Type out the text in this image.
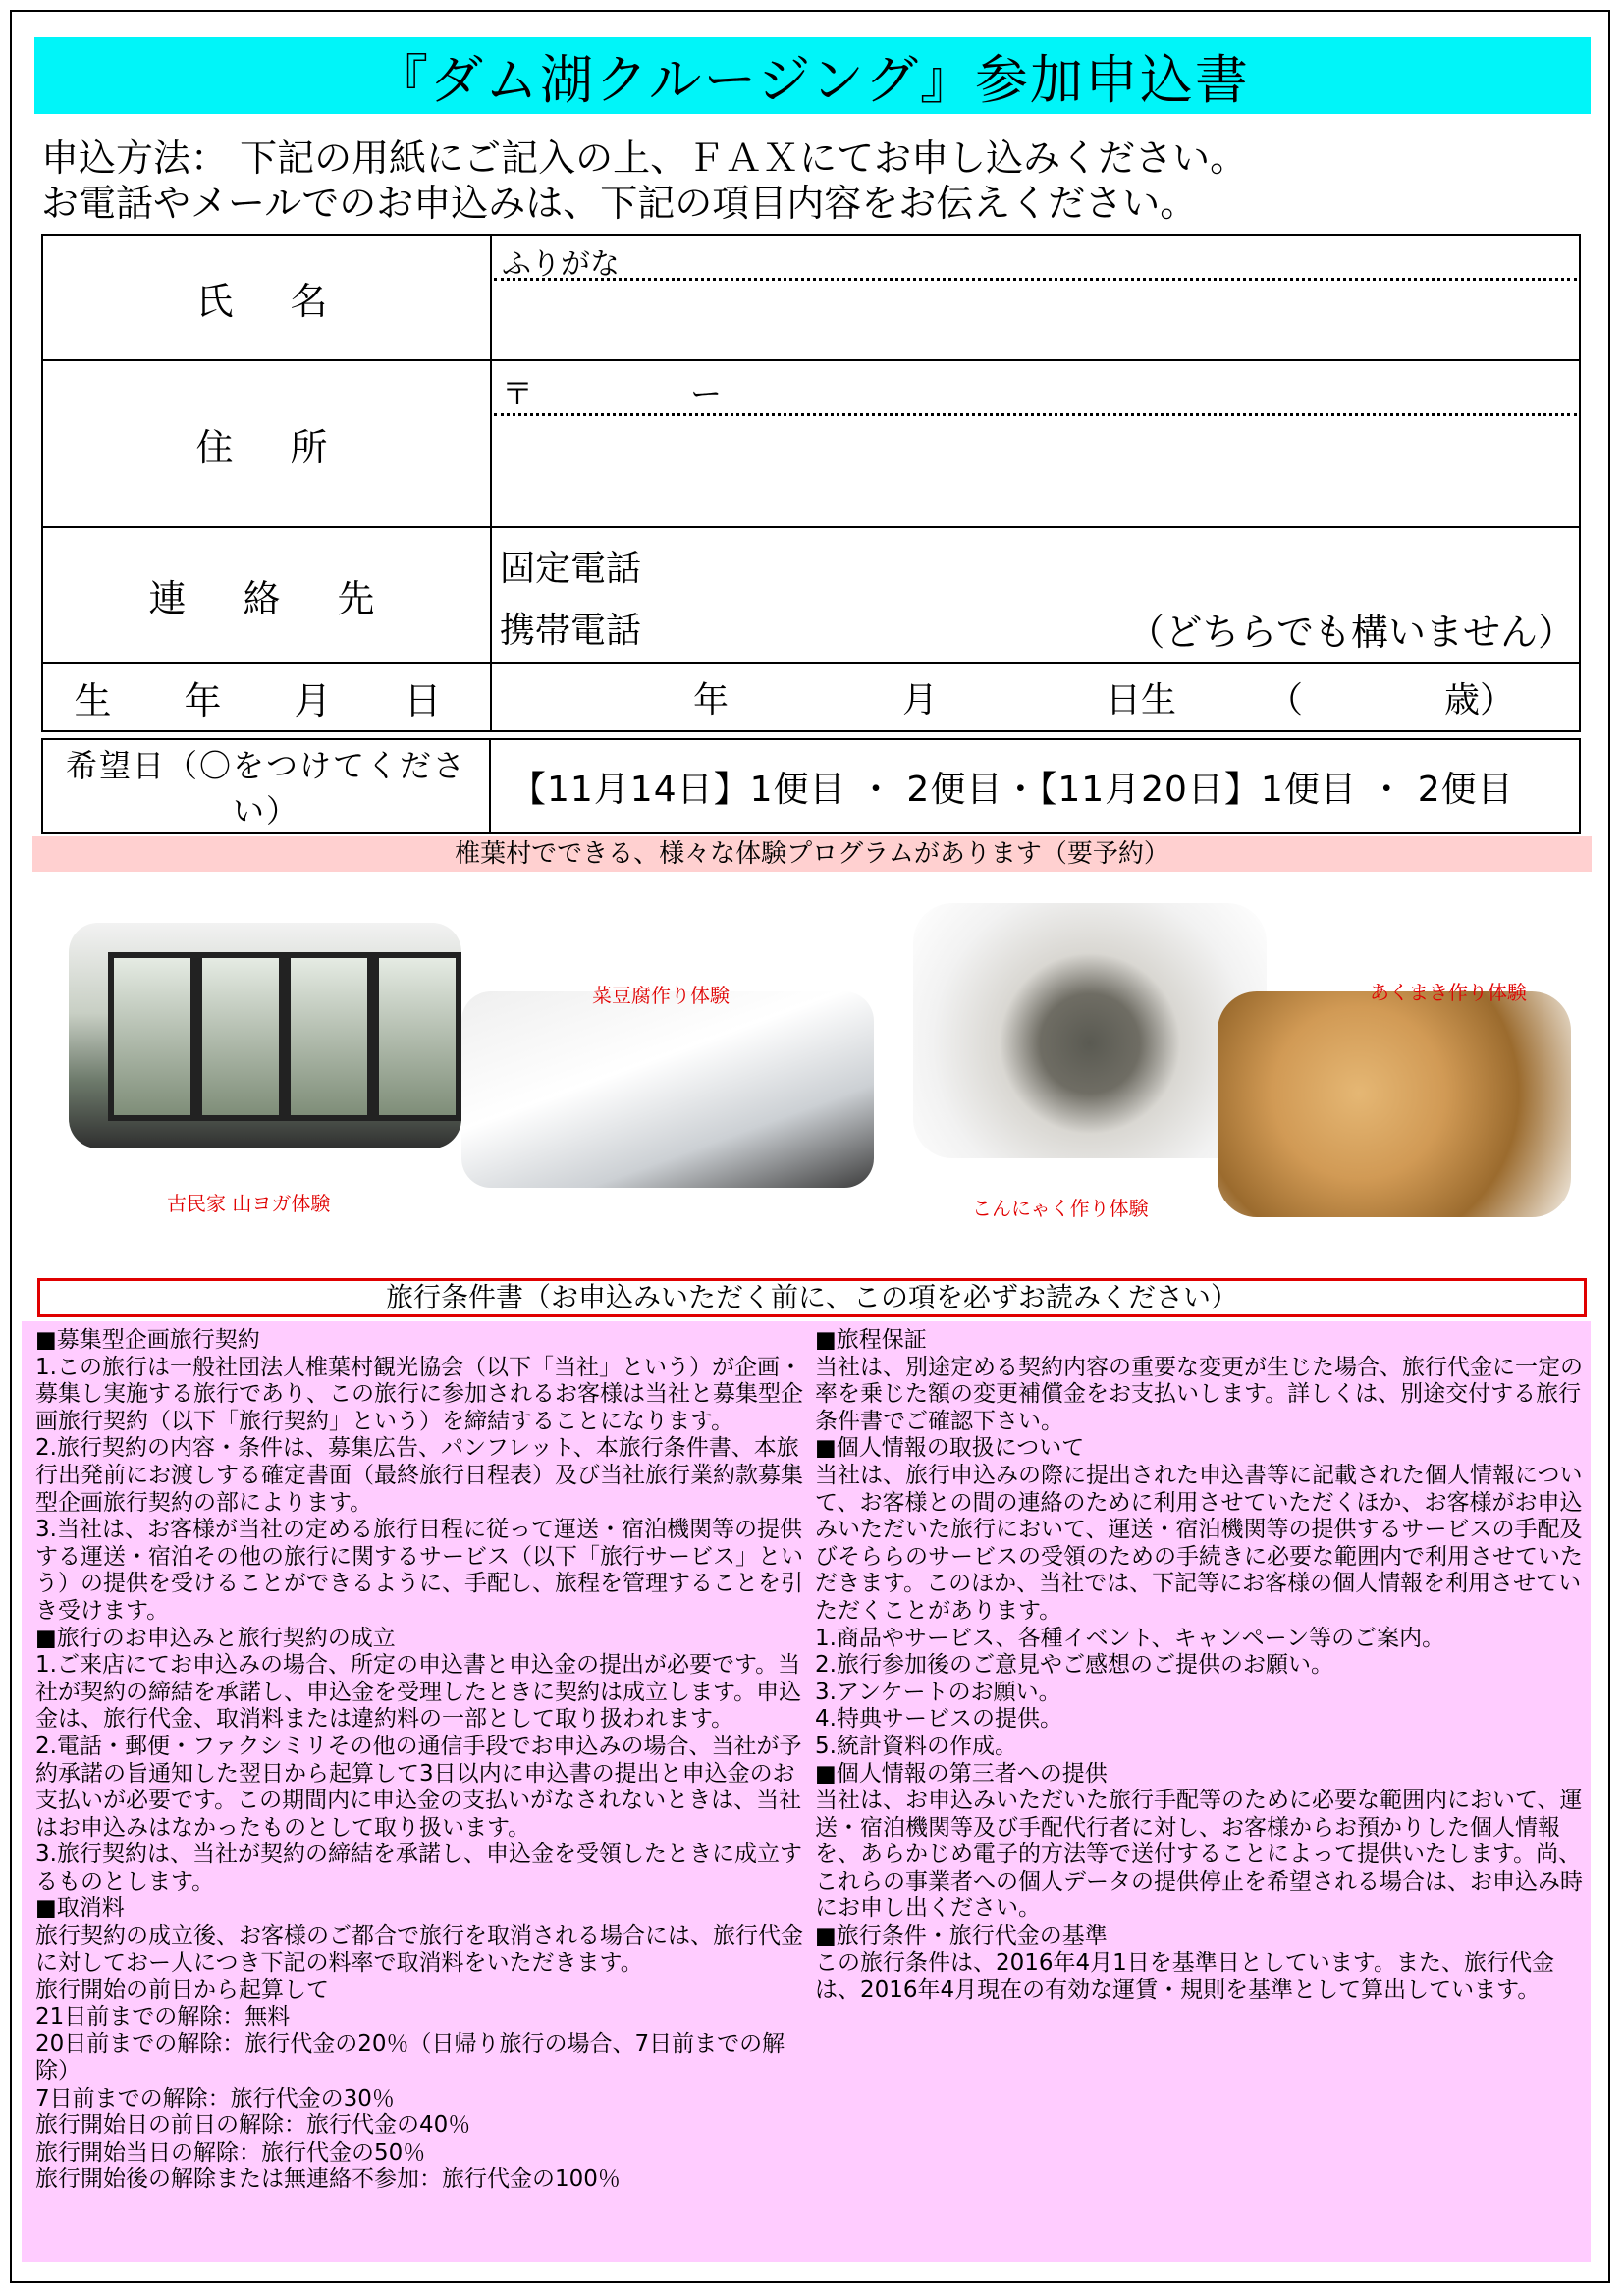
『ダム湖クルージング』参加申込書
申込方法： 下記の用紙にご記入の上、ＦＡＸにてお申し込みください。
お電話やメールでのお申込みは、下記の項目内容をお伝えください。
氏　名	ふりがな

住　所	〒 ー

連　絡　先	固定電話
携帯電話 （どちらでも構いません）

生　年　月　日	年 月 日生 （ 歳）
希望日（〇をつけてください）	【11月14日】1便目 ・ 2便目・【11月20日】1便目 ・ 2便目
椎葉村でできる、様々な体験プログラムがあります（要予約）
古民家 山ヨガ体験
菜豆腐作り体験
こんにゃく作り体験
あくまき作り体験
旅行条件書（お申込みいただく前に、この項を必ずお読みください）

■募集型企画旅行契約

1.この旅行は一般社団法人椎葉村観光協会（以下「当社」という）が企画・募集し実施する旅行であり、この旅行に参加されるお客様は当社と募集型企画旅行契約（以下「旅行契約」という）を締結することになります。

2.旅行契約の内容・条件は、募集広告、パンフレット、本旅行条件書、本旅行出発前にお渡しする確定書面（最終旅行日程表）及び当社旅行業約款募集型企画旅行契約の部によります。

3.当社は、お客様が当社の定める旅行日程に従って運送・宿泊機関等の提供する運送・宿泊その他の旅行に関するサービス（以下「旅行サービス」という）の提供を受けることができるように、手配し、旅程を管理することを引き受けます。

■旅行のお申込みと旅行契約の成立

1.ご来店にてお申込みの場合、所定の申込書と申込金の提出が必要です。当社が契約の締結を承諾し、申込金を受理したときに契約は成立します。申込金は、旅行代金、取消料または違約料の一部として取り扱われます。

2.電話・郵便・ファクシミリその他の通信手段でお申込みの場合、当社が予約承諾の旨通知した翌日から起算して3日以内に申込書の提出と申込金のお支払いが必要です。この期間内に申込金の支払いがなされないときは、当社はお申込みはなかったものとして取り扱います。

3.旅行契約は、当社が契約の締結を承諾し、申込金を受領したときに成立するものとします。

■取消料

旅行契約の成立後、お客様のご都合で旅行を取消される場合には、旅行代金に対しておー人につき下記の料率で取消料をいただきます。

旅行開始の前日から起算して

21日前までの解除：無料

20日前までの解除：旅行代金の20％（日帰り旅行の場合、7日前までの解除）

7日前までの解除：旅行代金の30％

旅行開始日の前日の解除：旅行代金の40％

旅行開始当日の解除：旅行代金の50％

旅行開始後の解除または無連絡不参加：旅行代金の100％

■旅程保証

当社は、別途定める契約内容の重要な変更が生じた場合、旅行代金に一定の率を乗じた額の変更補償金をお支払いします。詳しくは、別途交付する旅行条件書でご確認下さい。

■個人情報の取扱について

当社は、旅行申込みの際に提出された申込書等に記載された個人情報について、お客様との間の連絡のために利用させていただくほか、お客様がお申込みいただいた旅行において、運送・宿泊機関等の提供するサービスの手配及びそららのサービスの受領のための手続きに必要な範囲内で利用させていただきます。このほか、当社では、下記等にお客様の個人情報を利用させていただくことがあります。

1.商品やサービス、各種イベント、キャンペーン等のご案内。

2.旅行参加後のご意見やご感想のご提供のお願い。

3.アンケートのお願い。

4.特典サービスの提供。

5.統計資料の作成。

■個人情報の第三者への提供

当社は、お申込みいただいた旅行手配等のために必要な範囲内において、運送・宿泊機関等及び手配代行者に対し、お客様からお預かりした個人情報を、あらかじめ電子的方法等で送付することによって提供いたします。尚、これらの事業者への個人データの提供停止を希望される場合は、お申込み時にお申し出ください。

■旅行条件・旅行代金の基準

この旅行条件は、2016年4月1日を基準日としています。また、旅行代金は、2016年4月現在の有効な運賃・規則を基準として算出しています。
